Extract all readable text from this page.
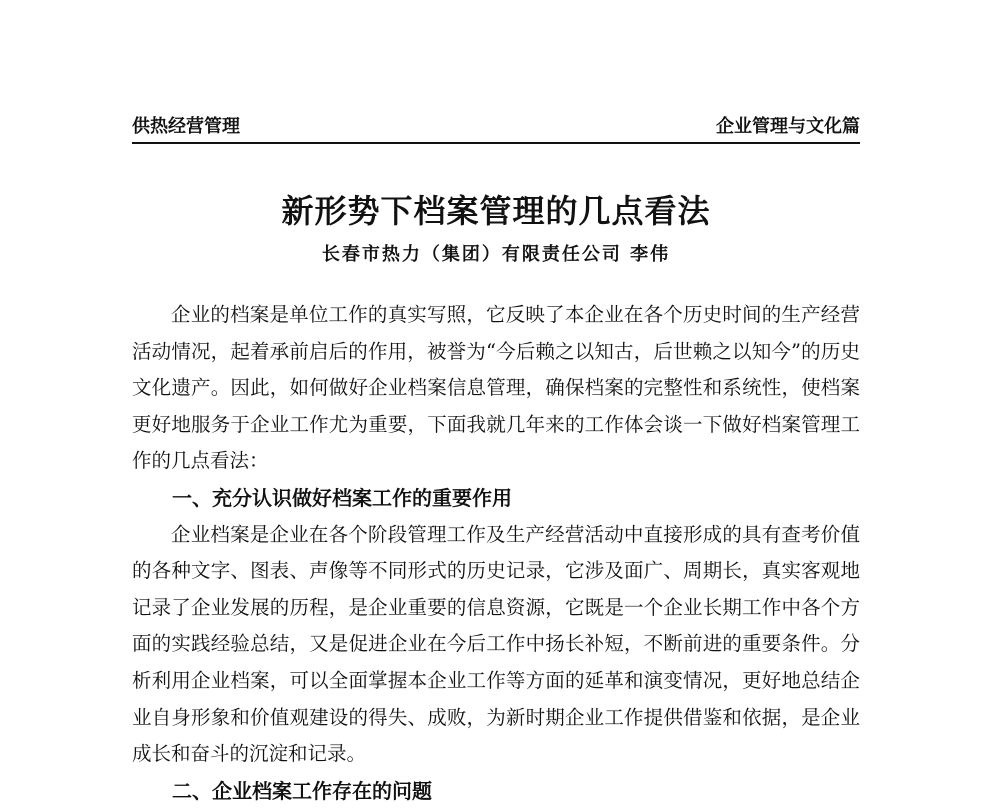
供热经营管理	企业管理与文化篇
新形势下档案管理的几点看法
长春市热力（集团）有限责任公司 李伟

企业的档案是单位工作的真实写照，它反映了本企业在各个历史时间的生产经营活动情况，起着承前启后的作用，被誉为“今后赖之以知古，后世赖之以知今”的历史文化遗产。因此，如何做好企业档案信息管理，确保档案的完整性和系统性，使档案更好地服务于企业工作尤为重要，下面我就几年来的工作体会谈一下做好档案管理工作的几点看法：

一、充分认识做好档案工作的重要作用

企业档案是企业在各个阶段管理工作及生产经营活动中直接形成的具有查考价值的各种文字、图表、声像等不同形式的历史记录，它涉及面广、周期长，真实客观地记录了企业发展的历程，是企业重要的信息资源，它既是一个企业长期工作中各个方面的实践经验总结，又是促进企业在今后工作中扬长补短，不断前进的重要条件。分析利用企业档案，可以全面掌握本企业工作等方面的延革和演变情况，更好地总结企业自身形象和价值观建设的得失、成败，为新时期企业工作提供借鉴和依据，是企业成长和奋斗的沉淀和记录。

二、企业档案工作存在的问题
